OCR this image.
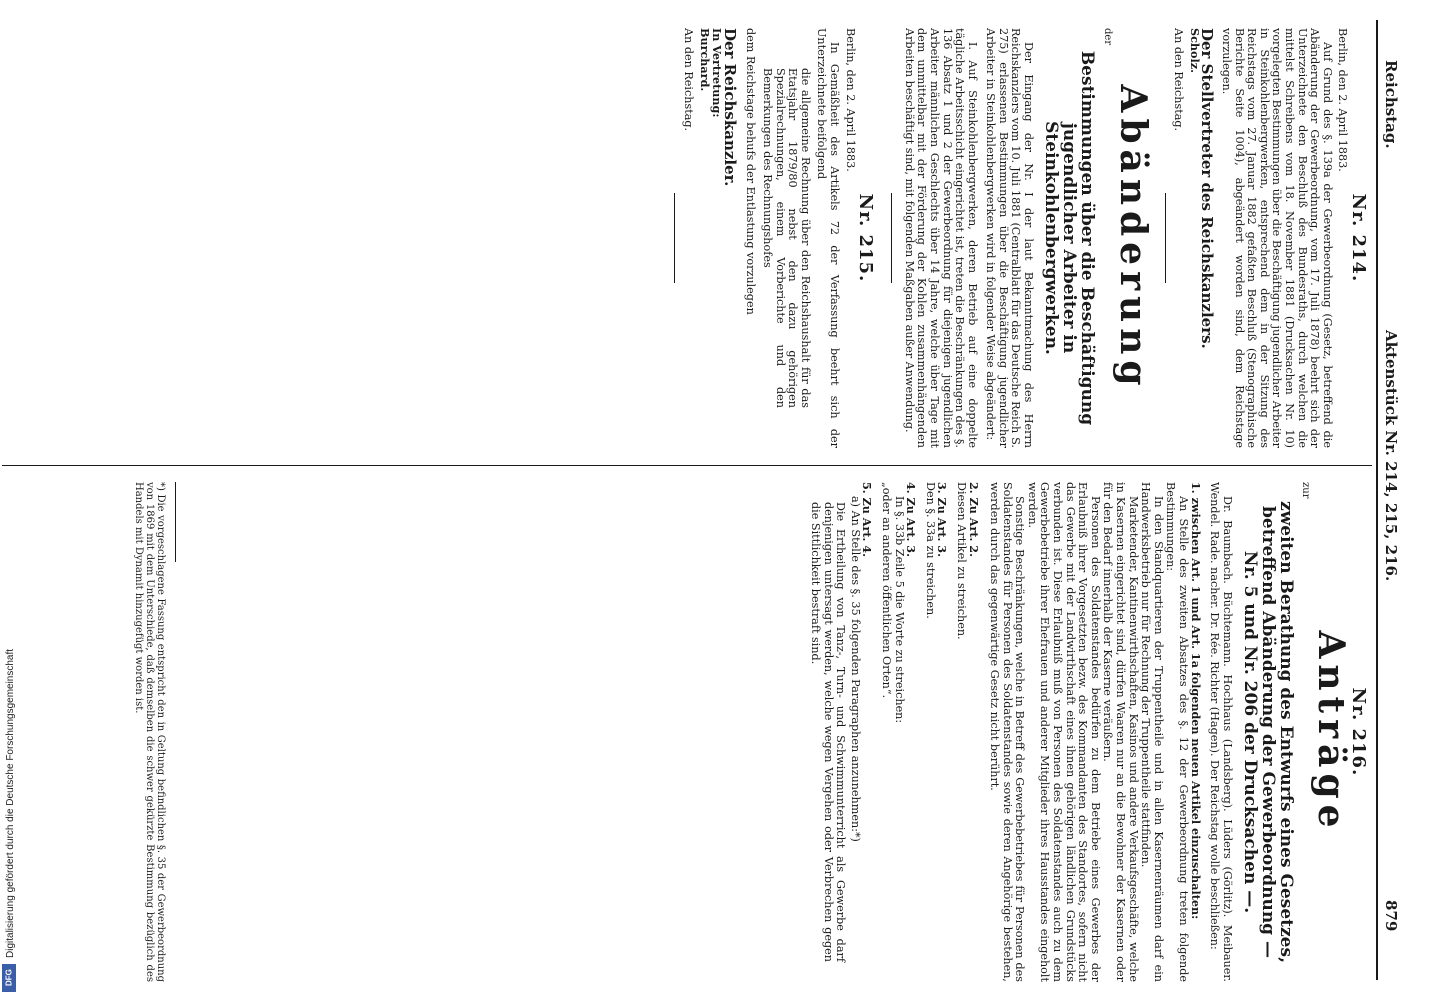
Digitalisierung gefördert durch die Deutsche Forschungsgemeinschaft
DFG
Reichstag.
Aktenstück Nr. 214, 215, 216.
879
Nr. 214.

Berlin, den 2. April 1883.

Auf Grund des §. 139a der Gewerbeordnung (Gesetz, betreffend die Abänderung der Gewerbeordnung, vom 17. Juli 1878) beehrt sich der Unterzeichnete den Beschluß des Bundesraths, durch welchen die mittelst Schreibens vom 18. November 1881 (Drucksachen Nr. 10) vorgelegten Bestimmungen über die Beschäftigung jugendlicher Arbeiter in Steinkohlenbergwerken, entsprechend dem in der Sitzung des Reichstags vom 27. Januar 1882 gefaßten Beschluß (Stenographische Berichte Seite 1004), abgeändert worden sind, dem Reichstage vorzulegen.

Der Stellvertreter des Reichskanzlers.

Scholz.

An den Reichstag.

Abänderung

der

Bestimmungen über die Beschäftigung jugendlicher Arbeiter in Steinkohlenbergwerken.

Der Eingang der Nr. I der laut Bekanntmachung des Herrn Reichskanzlers vom 10. Juli 1881 (Centralblatt für das Deutsche Reich S. 275) erlassenen Bestimmungen über die Beschäftigung jugendlicher Arbeiter in Steinkohlenbergwerken wird in folgender Weise abgeändert:

I. Auf Steinkohlenbergwerken, deren Betrieb auf eine doppelte tägliche Arbeitsschicht eingerichtet ist, treten die Beschränkungen des §. 136 Absatz 1 und 2 der Gewerbeordnung für diejenigen jugendlichen Arbeiter männlichen Geschlechts über 14 Jahre, welche über Tage mit dem unmittelbar mit der Förderung der Kohlen zusammenhängenden Arbeiten beschäftigt sind, mit folgenden Maßgaben außer Anwendung.

Nr. 215.

Berlin, den 2. April 1883.

In Gemäßheit des Artikels 72 der Verfassung beehrt sich der Unterzeichnete beifolgend

die allgemeine Rechnung über den Reichshaushalt für das Etatsjahr 1879/80 nebst den dazu gehörigen Spezialrechnungen, einem Vorberichte und den Bemerkungen des Rechnungshofes

dem Reichstage behufs der Entlastung vorzulegen

Der Reichskanzler.

In Vertretung:

Burchard.

An den Reichstag.

Nr. 216.
Anträge

zur

zweiten Berathung des Entwurfs eines Gesetzes, betreffend Abänderung der Gewerbeordnung — Nr. 5 und Nr. 206 der Drucksachen —.

Dr. Baumbach. Büchtemann. Hochhaus (Landsberg). Lüders (Görlitz). Meibauer. Wendel. Rade. nacher. Dr. Rée. Richter (Hagen). Der Reichstag wolle beschließen:

1. zwischen Art. 1 und Art. 1a folgenden neuen Artikel einzuschalten:

An Stelle des zweiten Absatzes des §. 12 der Gewerbeordnung treten folgende Bestimmungen:

In den Standquartieren der Truppentheile und in allen Kasernenräumen darf ein Handwerksbetrieb nur für Rechnung der Truppentheile stattfinden.

Marketender, Kantinenwirthschaften, Kasinos und andere Verkaufsgeschäfte, welche in Kasernen eingerichtet sind, dürfen Waaren nur an die Bewohner der Kasernen oder für den Bedarf innerhalb der Kaserne veräußern.

Personen des Soldatenstandes bedürfen zu dem Betriebe eines Gewerbes der Erlaubniß ihrer Vorgesetzten bezw. des Kommandanten des Standortes, sofern nicht das Gewerbe mit der Landwirthschaft eines ihnen gehörigen ländlichen Grundstücks verbunden ist. Diese Erlaubniß muß von Personen des Soldatenstandes auch zu dem Gewerbebetriebe ihrer Ehefrauen und anderer Mitglieder ihres Hausstandes eingeholt werden.

Sonstige Beschränkungen, welche in Betreff des Gewerbebetriebes für Personen des Soldatenstandes für Personen des Soldatenstandes sowie deren Angehörige bestehen, werden durch das gegenwärtige Gesetz nicht berührt.

2. Zu Art. 2.

Diesen Artikel zu streichen.

3. Zu Art. 3.

Den §. 33a zu streichen.

4. Zu Art. 3.

In §. 33b Zeile 5 die Worte zu streichen:

„oder an anderen öffentlichen Orten“.

5. Zu Art. 4.

a) An Stelle des §. 35 folgenden Paragraphen anzunehmen:*)

Die Ertheilung von Tanz-, Turn- und Schwimmunterricht als Gewerbe darf denjenigen untersagt werden, welche wegen Vergehen oder Verbrechen gegen die Sittlichkeit bestraft sind.

*) Die vorgeschlagene Fassung entspricht den in Geltung befindlichen §. 35 der Gewerbeordnung von 1869 mit dem Unterschiede, daß demselben die schwer gekürzte Bestimmung bezüglich des Handels mit Dynamit hinzugefügt worden ist.
